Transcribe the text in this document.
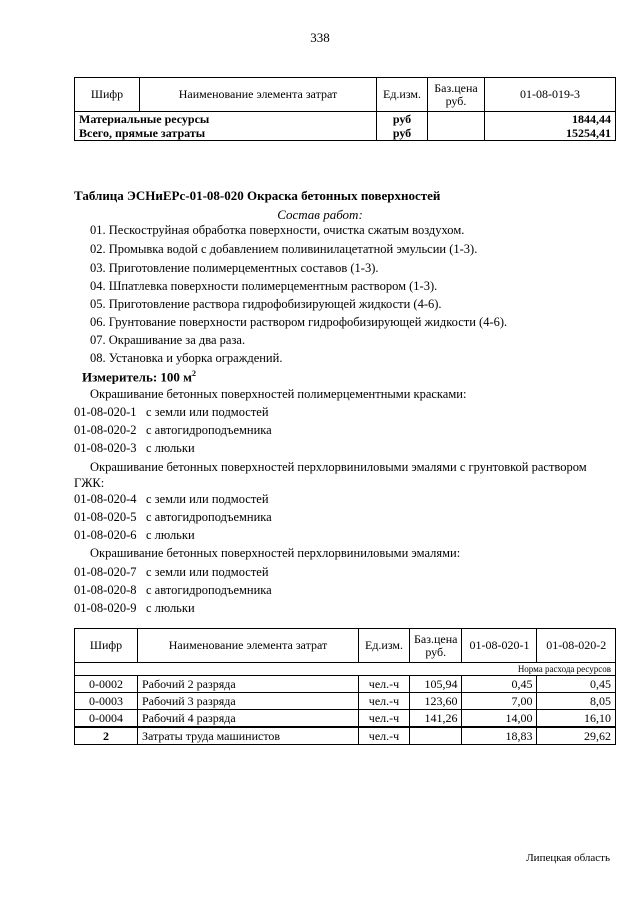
338
Шифр	Наименование элемента затрат	Ед.изм.	Баз.цена руб.	01-08-019-3
Материальные ресурсы		руб		1844,44
Всего, прямые затраты		руб		15254,41
Таблица ЭСНиЕРс-01-08-020 Окраска бетонных поверхностей
Состав работ:
01. Пескоструйная обработка поверхности, очистка сжатым воздухом.
02. Промывка водой с добавлением поливинилацетатной эмульсии (1-3).
03. Приготовление полимерцементных составов (1-3).
04. Шпатлевка поверхности полимерцементным раствором (1-3).
05. Приготовление раствора гидрофобизирующей жидкости (4-6).
06. Грунтование поверхности раствором гидрофобизирующей жидкости (4-6).
07. Окрашивание за два раза.
08. Установка и уборка ограждений.
Измеритель: 100 $м^2$
Окрашивание бетонных поверхностей полимерцементными красками:
01-08-020-1 с земли или подмостей
01-08-020-2 с автогидроподъемника
01-08-020-3 с люльки
Окрашивание бетонных поверхностей перхлорвиниловыми эмалями с грунтовкой раствором ГЖК:
01-08-020-4 с земли или подмостей
01-08-020-5 с автогидроподъемника
01-08-020-6 с люльки
Окрашивание бетонных поверхностей перхлорвиниловыми эмалями:
01-08-020-7 с земли или подмостей
01-08-020-8 с автогидроподъемника
01-08-020-9 с люльки
Шифр	Наименование элемента затрат	Ед.изм.	Баз.цена руб.	01-08-020-1	01-08-020-2
Норма расхода ресурсов					
0-0002	Рабочий 2 разряда	чел.-ч	105,94	0,45	0,45
0-0003	Рабочий 3 разряда	чел.-ч	123,60	7,00	8,05
0-0004	Рабочий 4 разряда	чел.-ч	141,26	14,00	16,10
2	Затраты труда машинистов	чел.-ч		18,83	29,62
Липецкая область
